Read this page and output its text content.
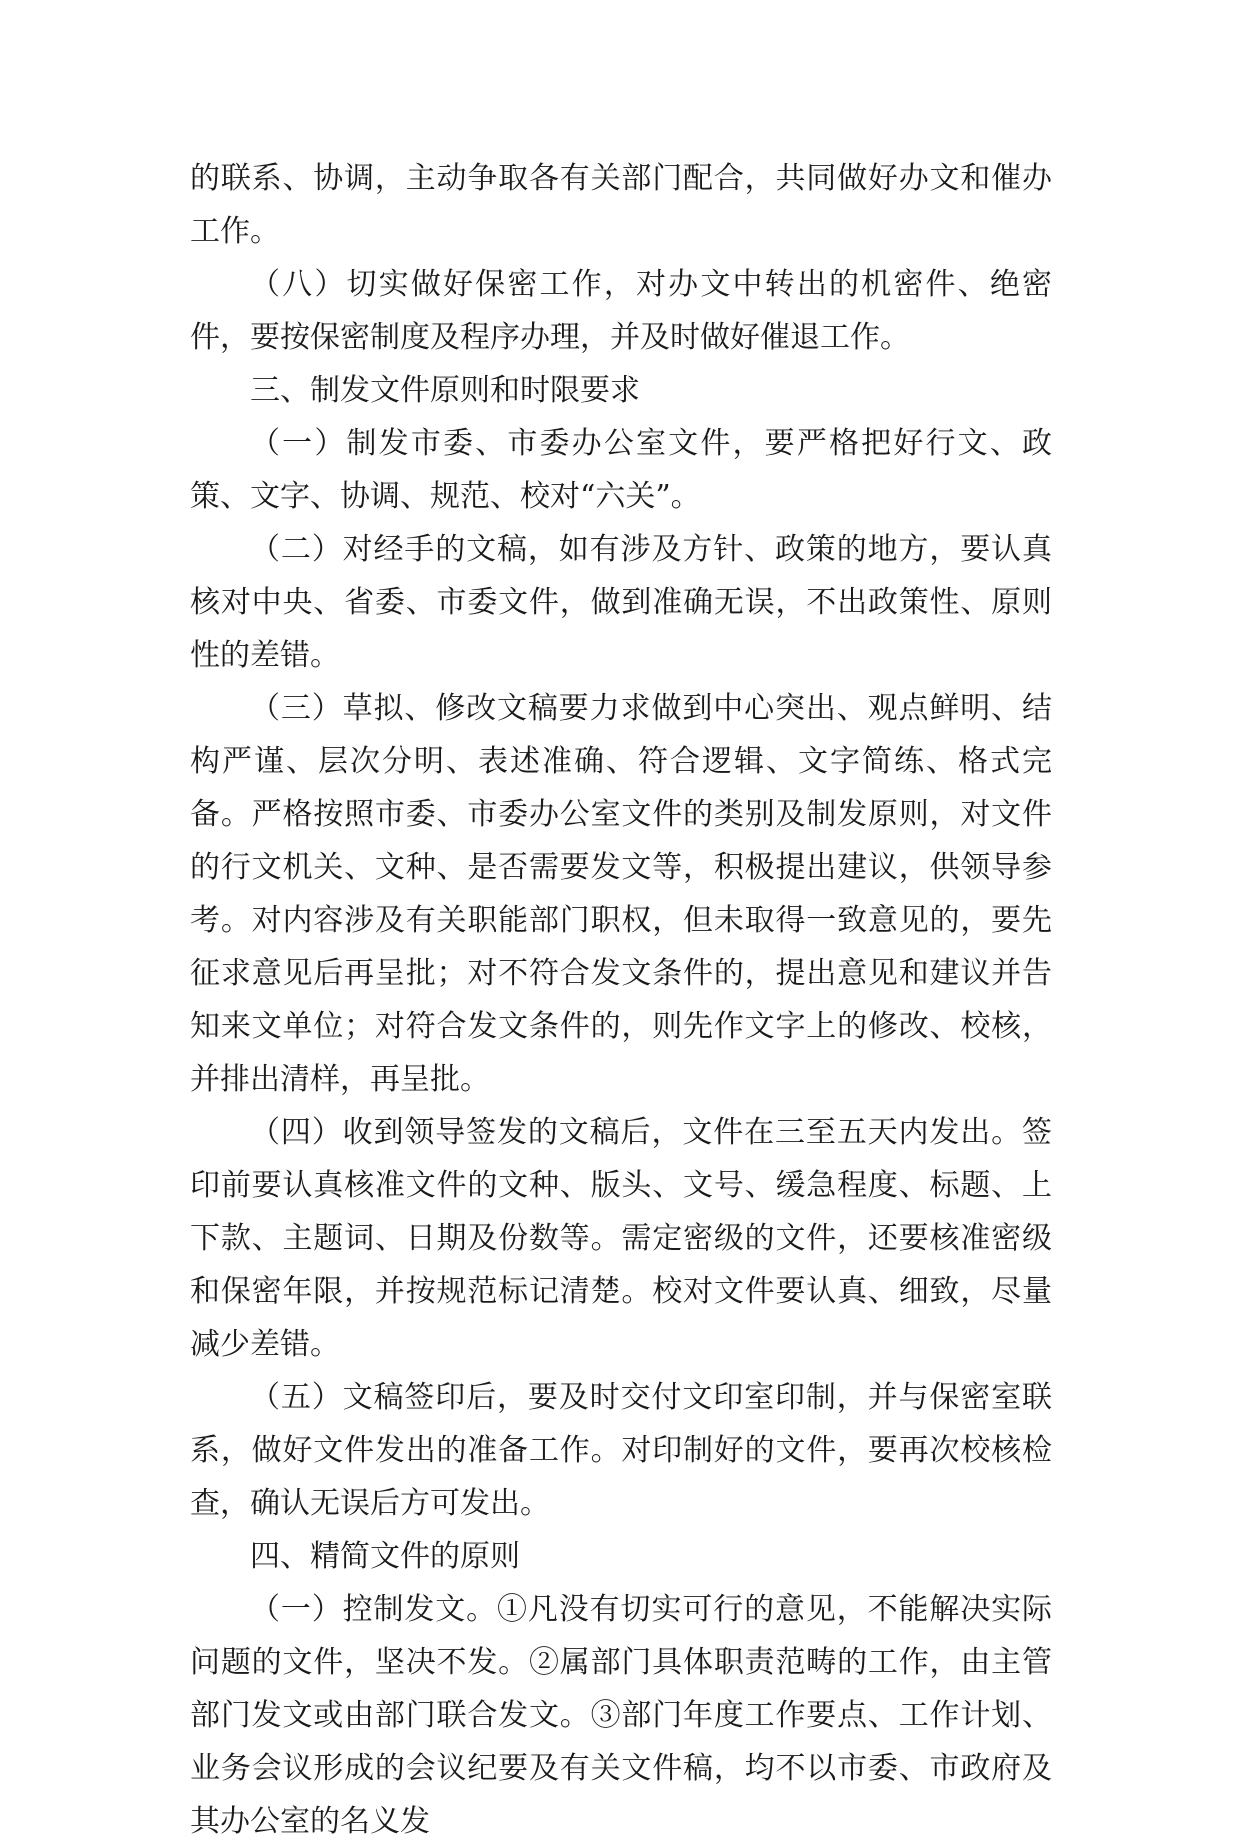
的联系、协调，主动争取各有关部门配合，共同做好办文和催办工作。

（八）切实做好保密工作，对办文中转出的机密件、绝密件，要按保密制度及程序办理，并及时做好催退工作。

三、制发文件原则和时限要求

（一）制发市委、市委办公室文件，要严格把好行文、政策、文字、协调、规范、校对“六关”。

（二）对经手的文稿，如有涉及方针、政策的地方，要认真核对中央、省委、市委文件，做到准确无误，不出政策性、原则性的差错。

（三）草拟、修改文稿要力求做到中心突出、观点鲜明、结构严谨、层次分明、表述准确、符合逻辑、文字简练、格式完备。严格按照市委、市委办公室文件的类别及制发原则，对文件的行文机关、文种、是否需要发文等，积极提出建议，供领导参考。对内容涉及有关职能部门职权，但未取得一致意见的，要先征求意见后再呈批；对不符合发文条件的，提出意见和建议并告知来文单位；对符合发文条件的，则先作文字上的修改、校核，并排出清样，再呈批。

（四）收到领导签发的文稿后，文件在三至五天内发出。签印前要认真核准文件的文种、版头、文号、缓急程度、标题、上下款、主题词、日期及份数等。需定密级的文件，还要核准密级和保密年限，并按规范标记清楚。校对文件要认真、细致，尽量减少差错。

（五）文稿签印后，要及时交付文印室印制，并与保密室联系，做好文件发出的准备工作。对印制好的文件，要再次校核检查，确认无误后方可发出。

四、精简文件的原则

（一）控制发文。①凡没有切实可行的意见，不能解决实际问题的文件，坚决不发。②属部门具体职责范畴的工作，由主管部门发文或由部门联合发文。③部门年度工作要点、工作计划、业务会议形成的会议纪要及有关文件稿，均不以市委、市政府及其办公室的名义发
